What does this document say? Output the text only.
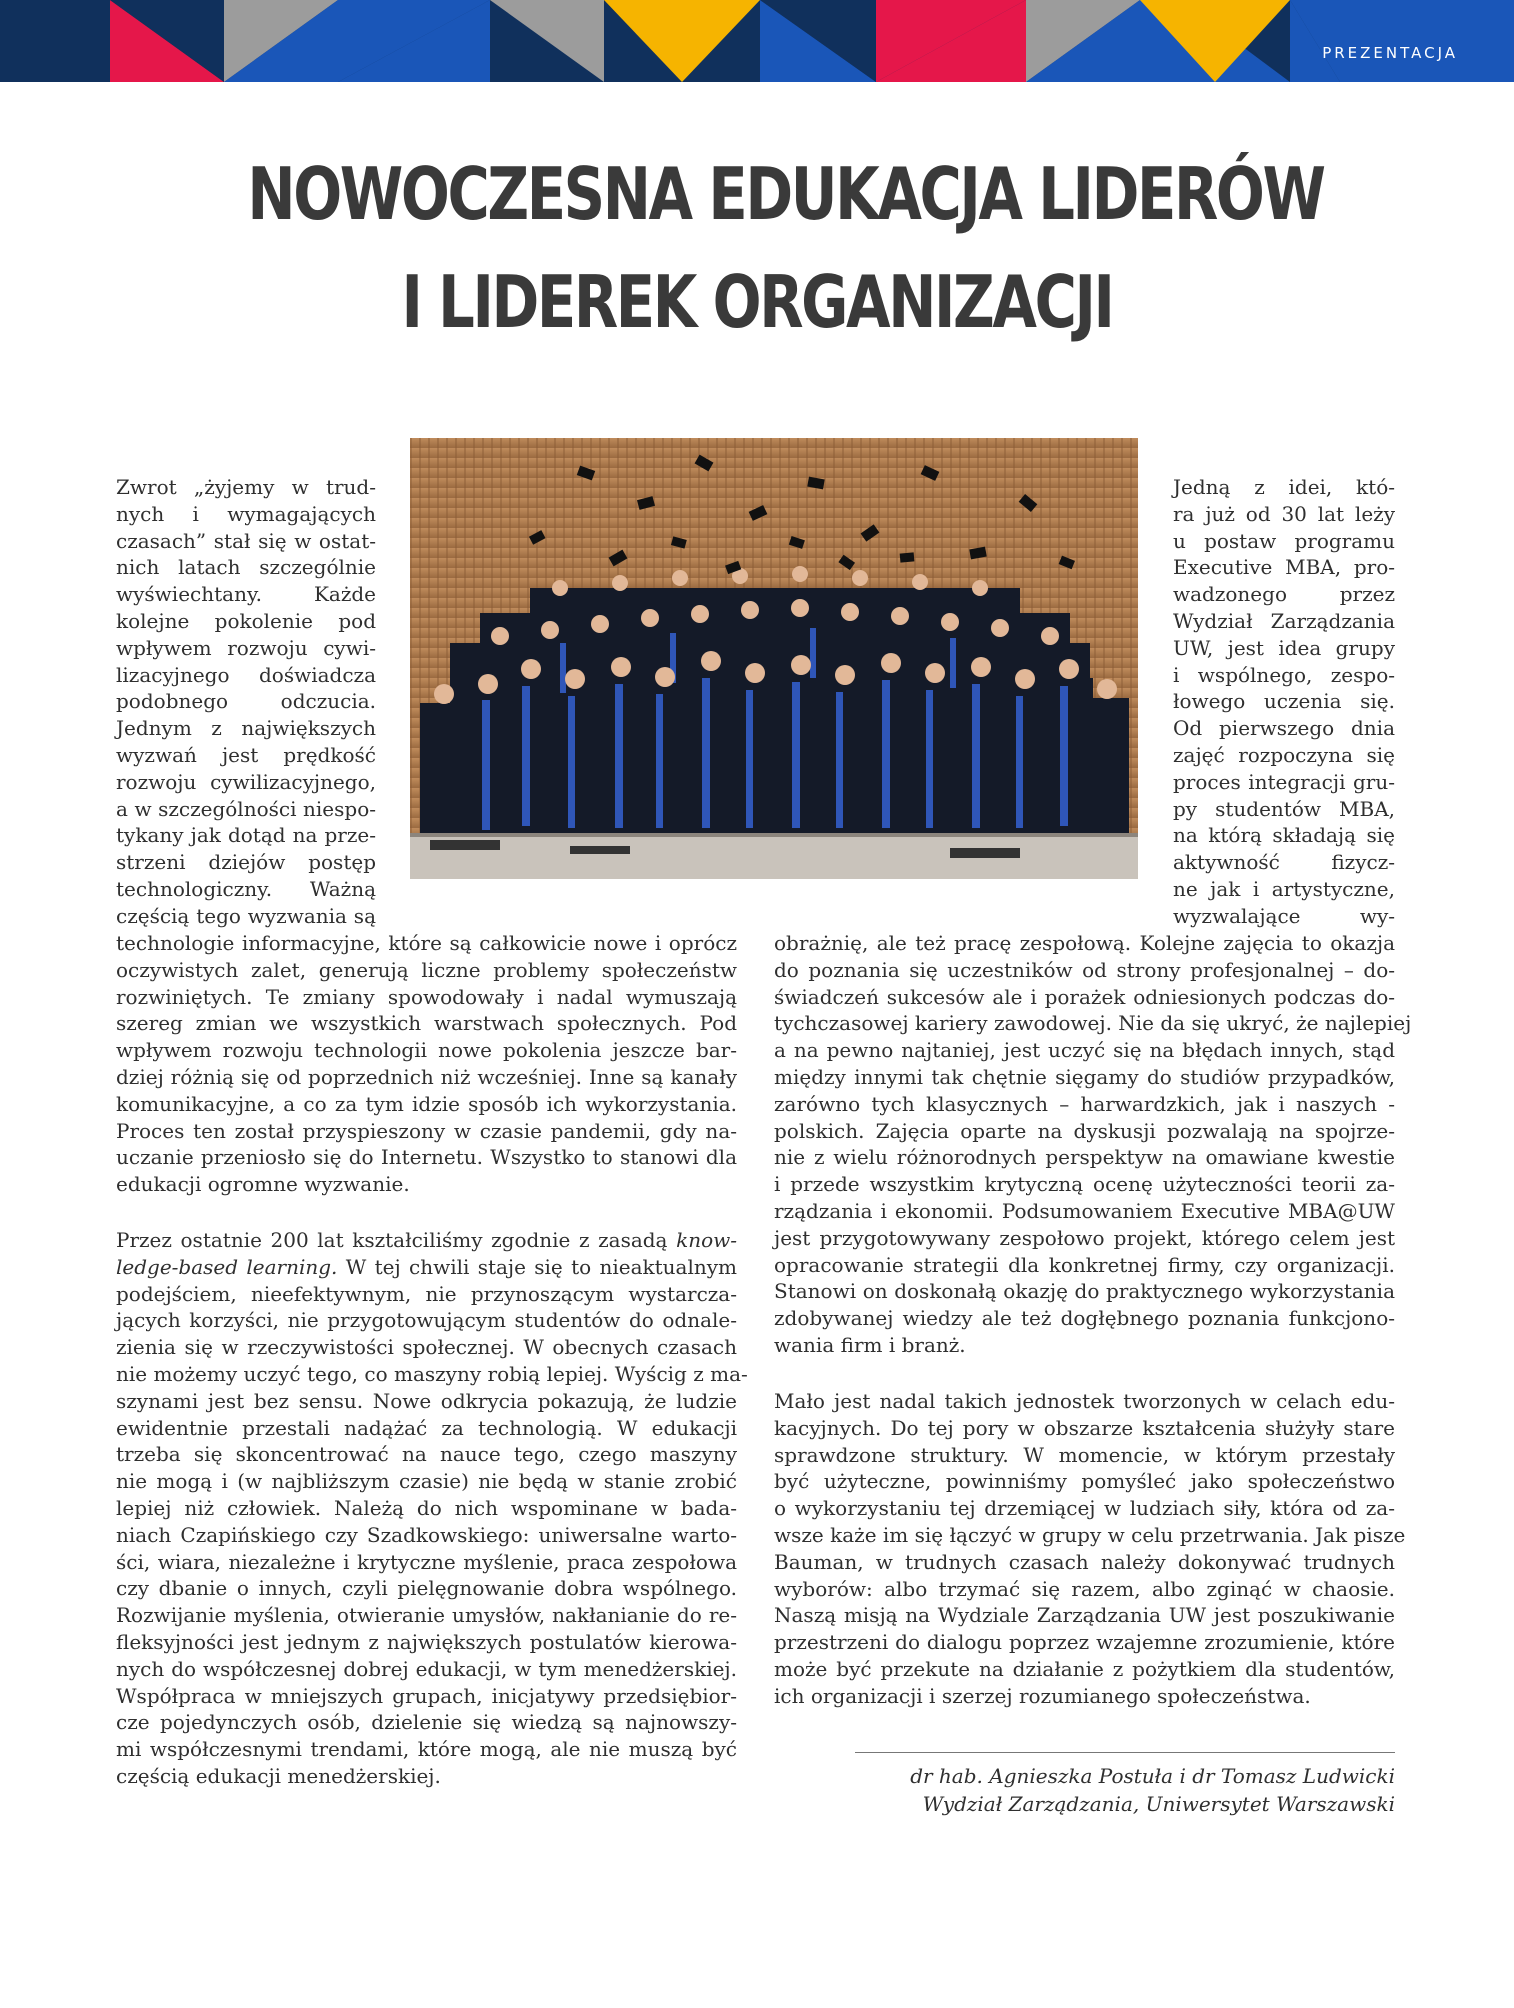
PREZENTACJA
NOWOCZESNA EDUKACJA LIDERÓW
I LIDEREK ORGANIZACJI
Zwrot „żyjemy w trud-
nych i wymagających
czasach” stał się w ostat-
nich latach szczególnie
wyświechtany. Każde
kolejne pokolenie pod
wpływem rozwoju cywi-
lizacyjnego doświadcza
podobnego odczucia.
Jednym z największych
wyzwań jest prędkość
rozwoju cywilizacyjnego,
a w szczególności niespo-
tykany jak dotąd na prze-
strzeni dziejów postęp
technologiczny. Ważną
częścią tego wyzwania są
technologie informacyjne, które są całkowicie nowe i oprócz
oczywistych zalet, generują liczne problemy społeczeństw
rozwiniętych. Te zmiany spowodowały i nadal wymuszają
szereg zmian we wszystkich warstwach społecznych. Pod
wpływem rozwoju technologii nowe pokolenia jeszcze bar-
dziej różnią się od poprzednich niż wcześniej. Inne są kanały
komunikacyjne, a co za tym idzie sposób ich wykorzystania.
Proces ten został przyspieszony w czasie pandemii, gdy na-
uczanie przeniosło się do Internetu. Wszystko to stanowi dla
edukacji ogromne wyzwanie.
Przez ostatnie 200 lat kształciliśmy zgodnie z zasadą know-
ledge-based learning. W tej chwili staje się to nieaktualnym
podejściem, nieefektywnym, nie przynoszącym wystarcza-
jących korzyści, nie przygotowującym studentów do odnale-
zienia się w rzeczywistości społecznej. W obecnych czasach
nie możemy uczyć tego, co maszyny robią lepiej. Wyścig z ma-
szynami jest bez sensu. Nowe odkrycia pokazują, że ludzie
ewidentnie przestali nadążać za technologią. W edukacji
trzeba się skoncentrować na nauce tego, czego maszyny
nie mogą i (w najbliższym czasie) nie będą w stanie zrobić
lepiej niż człowiek. Należą do nich wspominane w bada-
niach Czapińskiego czy Szadkowskiego: uniwersalne warto-
ści, wiara, niezależne i krytyczne myślenie, praca zespołowa
czy dbanie o innych, czyli pielęgnowanie dobra wspólnego.
Rozwijanie myślenia, otwieranie umysłów, nakłanianie do re-
fleksyjności jest jednym z największych postulatów kierowa-
nych do współczesnej dobrej edukacji, w tym menedżerskiej.
Współpraca w mniejszych grupach, inicjatywy przedsiębior-
cze pojedynczych osób, dzielenie się wiedzą są najnowszy-
mi współczesnymi trendami, które mogą, ale nie muszą być
częścią edukacji menedżerskiej.
Jedną z idei, któ-
ra już od 30 lat leży
u postaw programu
Executive MBA, pro-
wadzonego przez
Wydział Zarządzania
UW, jest idea grupy
i wspólnego, zespo-
łowego uczenia się.
Od pierwszego dnia
zajęć rozpoczyna się
proces integracji gru-
py studentów MBA,
na którą składają się
aktywność fizycz-
ne jak i artystyczne,
wyzwalające wy-
obrażnię, ale też pracę zespołową. Kolejne zajęcia to okazja
do poznania się uczestników od strony profesjonalnej – do-
świadczeń sukcesów ale i porażek odniesionych podczas do-
tychczasowej kariery zawodowej. Nie da się ukryć, że najlepiej
a na pewno najtaniej, jest uczyć się na błędach innych, stąd
między innymi tak chętnie sięgamy do studiów przypadków,
zarówno tych klasycznych – harwardzkich, jak i naszych -
polskich. Zajęcia oparte na dyskusji pozwalają na spojrze-
nie z wielu różnorodnych perspektyw na omawiane kwestie
i przede wszystkim krytyczną ocenę użyteczności teorii za-
rządzania i ekonomii. Podsumowaniem Executive MBA@UW
jest przygotowywany zespołowo projekt, którego celem jest
opracowanie strategii dla konkretnej firmy, czy organizacji.
Stanowi on doskonałą okazję do praktycznego wykorzystania
zdobywanej wiedzy ale też dogłębnego poznania funkcjono-
wania firm i branż.
Mało jest nadal takich jednostek tworzonych w celach edu-
kacyjnych. Do tej pory w obszarze kształcenia służyły stare
sprawdzone struktury. W momencie, w którym przestały
być użyteczne, powinniśmy pomyśleć jako społeczeństwo
o wykorzystaniu tej drzemiącej w ludziach siły, która od za-
wsze każe im się łączyć w grupy w celu przetrwania. Jak pisze
Bauman, w trudnych czasach należy dokonywać trudnych
wyborów: albo trzymać się razem, albo zginąć w chaosie.
Naszą misją na Wydziale Zarządzania UW jest poszukiwanie
przestrzeni do dialogu poprzez wzajemne zrozumienie, które
może być przekute na działanie z pożytkiem dla studentów,
ich organizacji i szerzej rozumianego społeczeństwa.
dr hab. Agnieszka Postuła i dr Tomasz Ludwicki
Wydział Zarządzania, Uniwersytet Warszawski
